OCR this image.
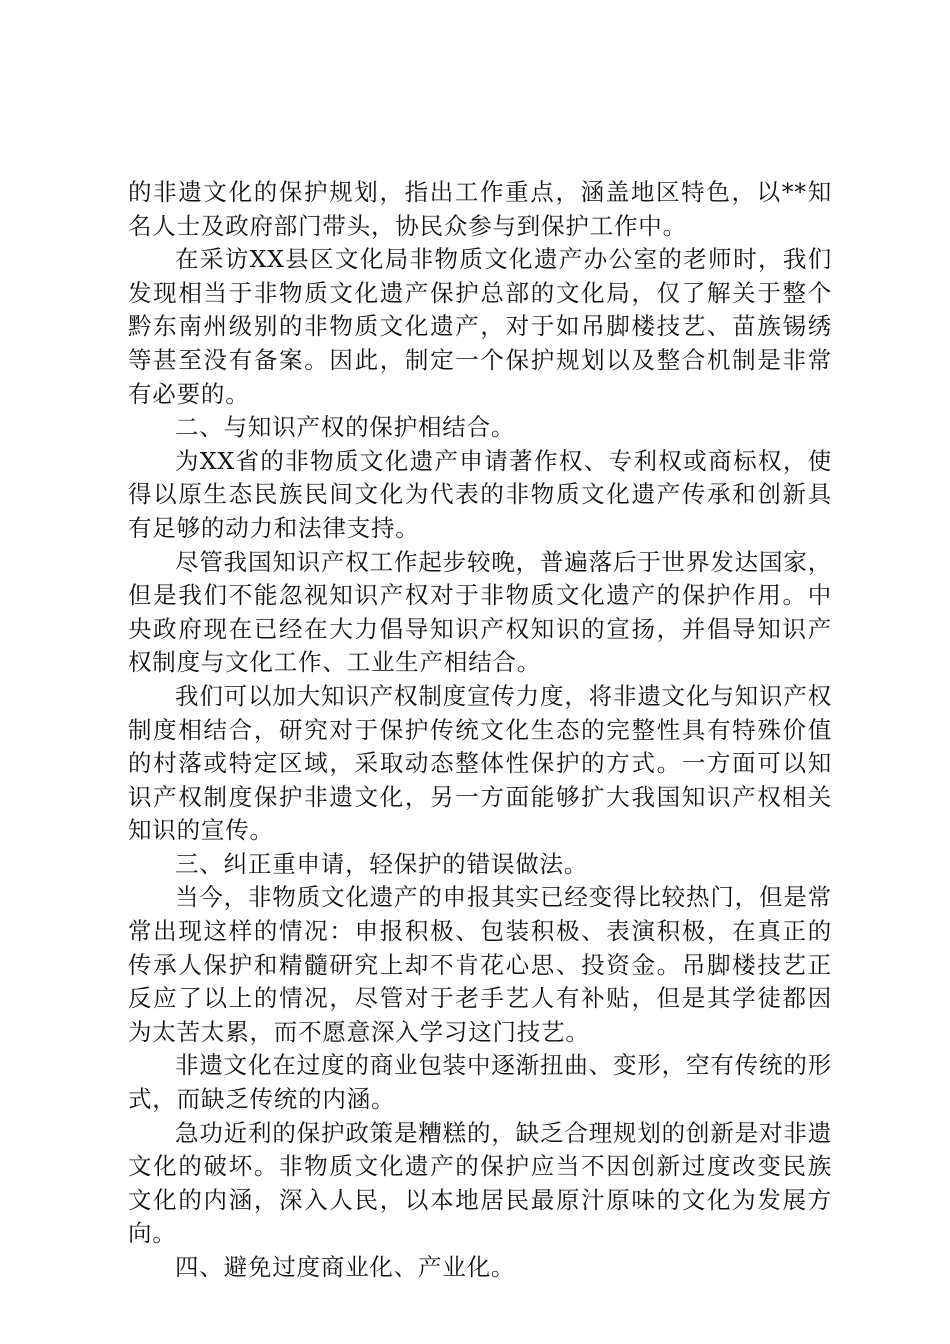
的非遗文化的保护规划，指出工作重点，涵盖地区特色，以**知名人士及政府部门带头，协民众参与到保护工作中。

在采访XX县区文化局非物质文化遗产办公室的老师时，我们发现相当于非物质文化遗产保护总部的文化局，仅了解关于整个黔东南州级别的非物质文化遗产，对于如吊脚楼技艺、苗族锡绣等甚至没有备案。因此，制定一个保护规划以及整合机制是非常有必要的。

二、与知识产权的保护相结合。

为XX省的非物质文化遗产申请著作权、专利权或商标权，使得以原生态民族民间文化为代表的非物质文化遗产传承和创新具有足够的动力和法律支持。

尽管我国知识产权工作起步较晚，普遍落后于世界发达国家，但是我们不能忽视知识产权对于非物质文化遗产的保护作用。中央政府现在已经在大力倡导知识产权知识的宣扬，并倡导知识产权制度与文化工作、工业生产相结合。

我们可以加大知识产权制度宣传力度，将非遗文化与知识产权制度相结合，研究对于保护传统文化生态的完整性具有特殊价值的村落或特定区域，采取动态整体性保护的方式。一方面可以知识产权制度保护非遗文化，另一方面能够扩大我国知识产权相关知识的宣传。

三、纠正重申请，轻保护的错误做法。

当今，非物质文化遗产的申报其实已经变得比较热门，但是常常出现这样的情况：申报积极、包装积极、表演积极，在真正的传承人保护和精髓研究上却不肯花心思、投资金。吊脚楼技艺正反应了以上的情况，尽管对于老手艺人有补贴，但是其学徒都因为太苦太累，而不愿意深入学习这门技艺。

非遗文化在过度的商业包装中逐渐扭曲、变形，空有传统的形式，而缺乏传统的内涵。

急功近利的保护政策是糟糕的，缺乏合理规划的创新是对非遗文化的破坏。非物质文化遗产的保护应当不因创新过度改变民族文化的内涵，深入人民，以本地居民最原汁原味的文化为发展方向。

四、避免过度商业化、产业化。
